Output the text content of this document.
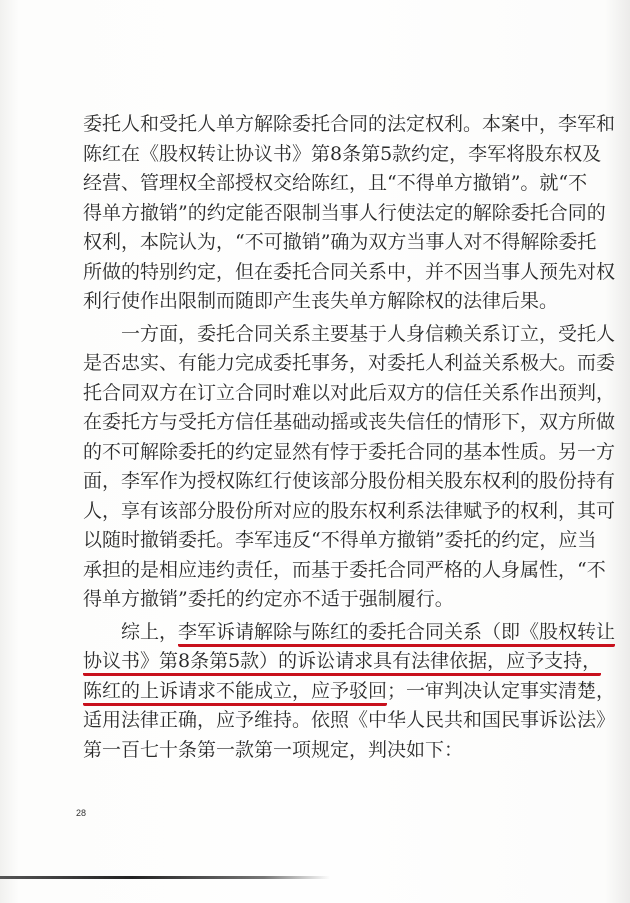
委托人和受托人单方解除委托合同的法定权利。本案中，李军和
陈红在《股权转让协议书》第8条第5款约定，李军将股东权及
经营、管理权全部授权交给陈红，且“不得单方撤销”。就“不
得单方撤销”的约定能否限制当事人行使法定的解除委托合同的
权利，本院认为，“不可撤销”确为双方当事人对不得解除委托
所做的特别约定，但在委托合同关系中，并不因当事人预先对权
利行使作出限制而随即产生丧失单方解除权的法律后果。
　　一方面，委托合同关系主要基于人身信赖关系订立，受托人
是否忠实、有能力完成委托事务，对委托人利益关系极大。而委
托合同双方在订立合同时难以对此后双方的信任关系作出预判，
在委托方与受托方信任基础动摇或丧失信任的情形下，双方所做
的不可解除委托的约定显然有悖于委托合同的基本性质。另一方
面，李军作为授权陈红行使该部分股份相关股东权利的股份持有
人，享有该部分股份所对应的股东权利系法律赋予的权利，其可
以随时撤销委托。李军违反“不得单方撤销”委托的约定，应当
承担的是相应违约责任，而基于委托合同严格的人身属性，“不
得单方撤销”委托的约定亦不适于强制履行。
　　综上，李军诉请解除与陈红的委托合同关系（即《股权转让
协议书》第8条第5款）的诉讼请求具有法律依据，应予支持，
陈红的上诉请求不能成立，应予驳回；一审判决认定事实清楚，
适用法律正确，应予维持。依照《中华人民共和国民事诉讼法》
第一百七十条第一款第一项规定，判决如下：
28
